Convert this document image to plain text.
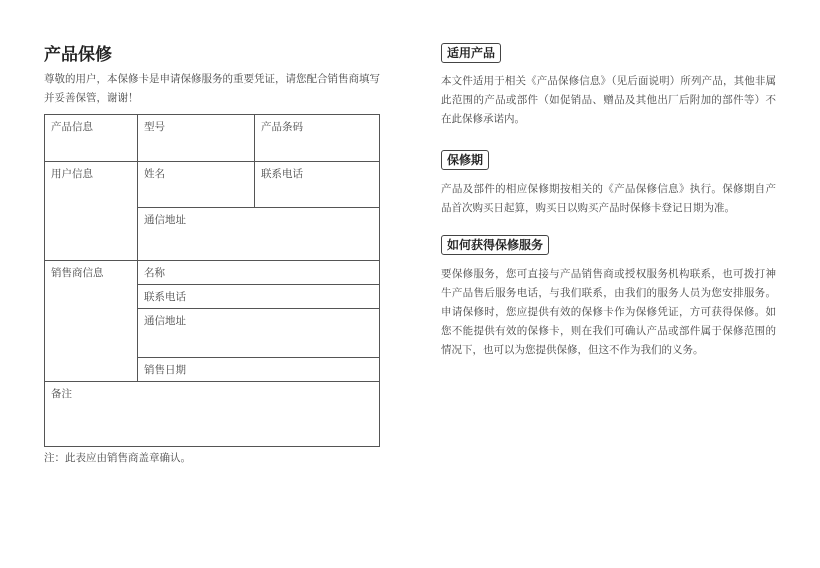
产品保修

尊敬的用户，本保修卡是申请保修服务的重要凭证，请您配合销售商填写并妥善保管，谢谢！

产品信息	型号	产品条码
用户信息	姓名	联系电话
	通信地址	
销售商信息	名称	
	联系电话	
	通信地址	
	销售日期	
备注		

注：此表应由销售商盖章确认。

适用产品

本文件适用于相关《产品保修信息》（见后面说明）所列产品，其他非属此范围的产品或部件（如促销品、赠品及其他出厂后附加的部件等）不在此保修承诺内。

保修期

产品及部件的相应保修期按相关的《产品保修信息》执行。保修期自产品首次购买日起算，购买日以购买产品时保修卡登记日期为准。

如何获得保修服务

要保修服务，您可直接与产品销售商或授权服务机构联系，也可拨打神牛产品售后服务电话，与我们联系，由我们的服务人员为您安排服务。申请保修时，您应提供有效的保修卡作为保修凭证，方可获得保修。如您不能提供有效的保修卡，则在我们可确认产品或部件属于保修范围的情况下，也可以为您提供保修，但这不作为我们的义务。
